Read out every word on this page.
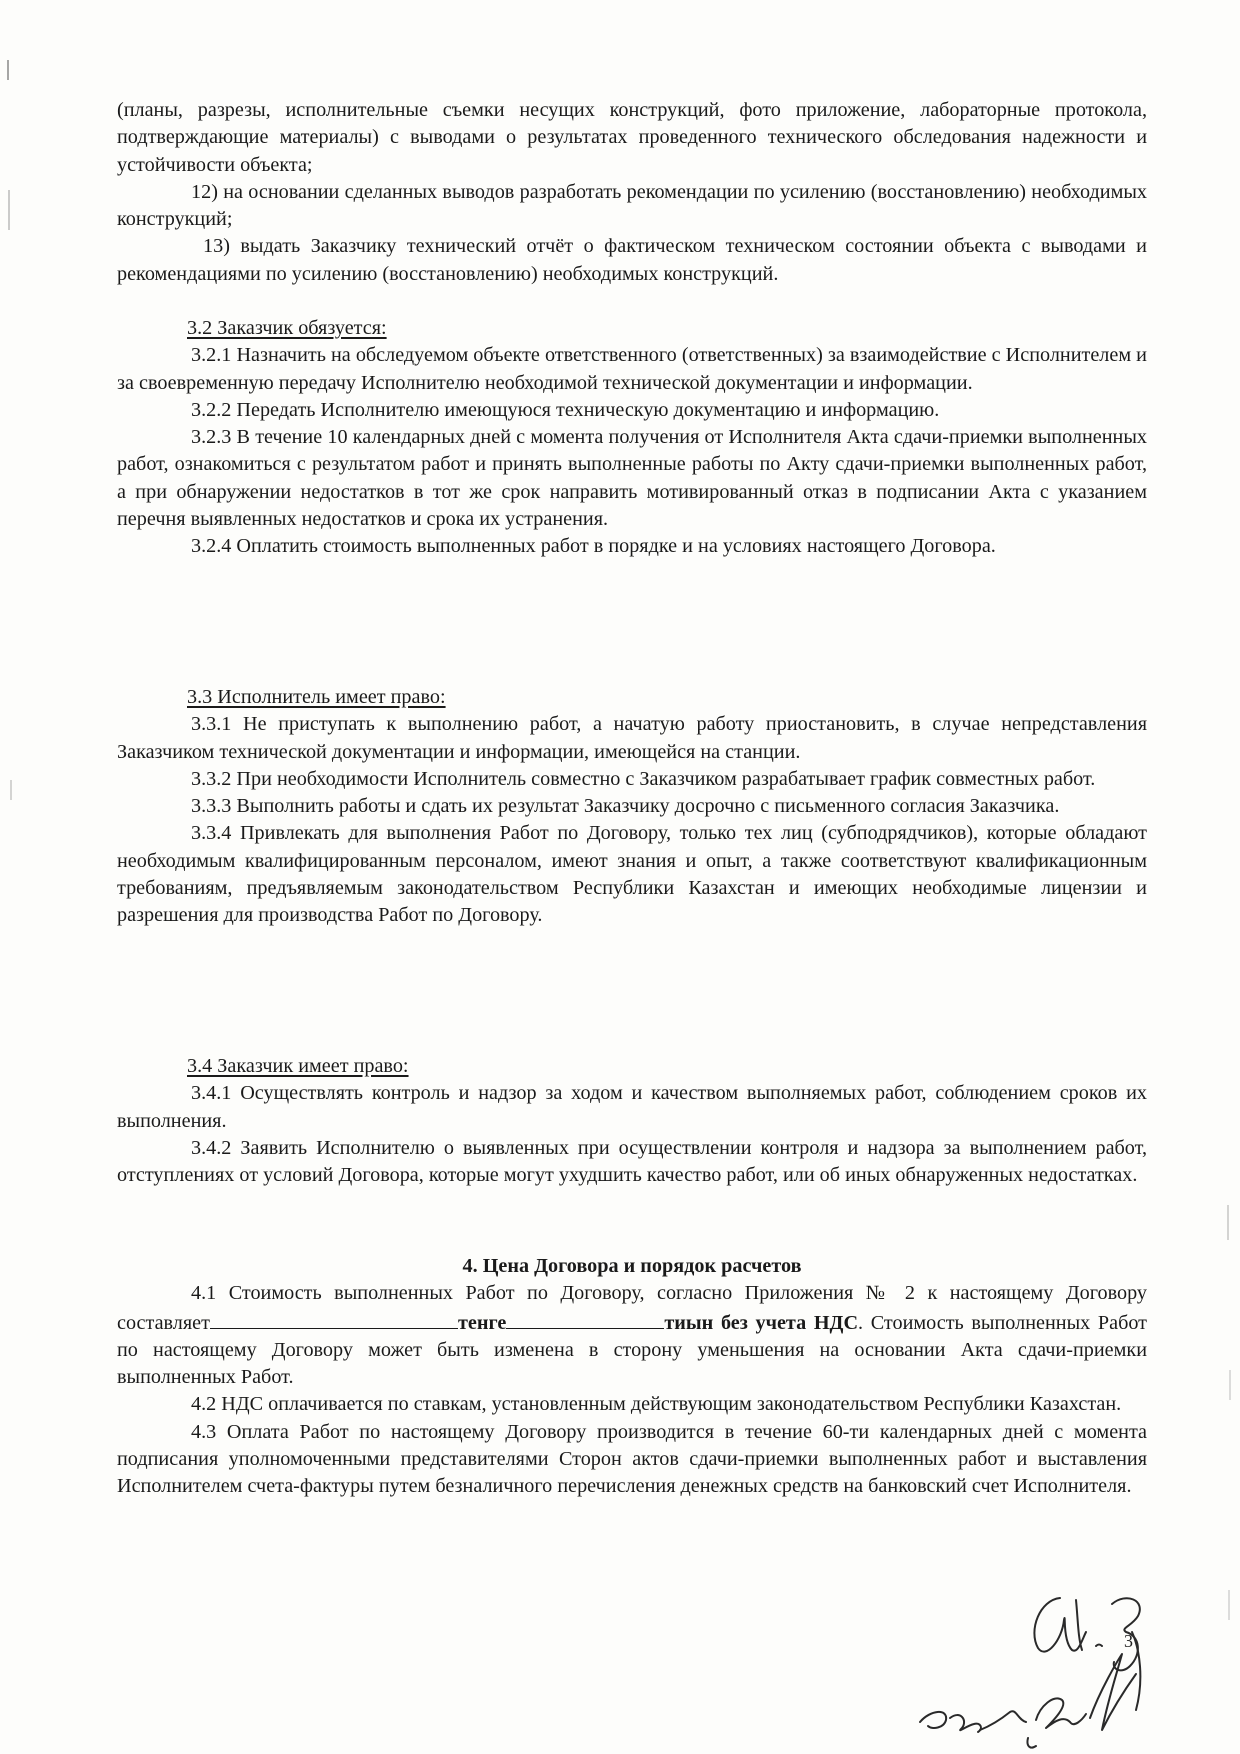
(планы, разрезы, исполнительные съемки несущих конструкций, фото приложение, лабораторные протокола, подтверждающие материалы) с выводами о результатах проведенного технического обследования надежности и устойчивости объекта;

12) на основании сделанных выводов разработать рекомендации по усилению (восстановлению) необходимых конструкций;

13) выдать Заказчику технический отчёт о фактическом техническом состоянии объекта с выводами и рекомендациями по усилению (восстановлению) необходимых конструкций.

3.2 Заказчик обязуется:

3.2.1 Назначить на обследуемом объекте ответственного (ответственных) за взаимодействие с Исполнителем и за своевременную передачу Исполнителю необходимой технической документации и информации.

3.2.2 Передать Исполнителю имеющуюся техническую документацию и информацию.

3.2.3 В течение 10 календарных дней с момента получения от Исполнителя Акта сдачи-приемки выполненных работ, ознакомиться с результатом работ и принять выполненные работы по Акту сдачи-приемки выполненных работ, а при обнаружении недостатков в тот же срок направить мотивированный отказ в подписании Акта с указанием перечня выявленных недостатков и срока их устранения.

3.2.4 Оплатить стоимость выполненных работ в порядке и на условиях настоящего Договора.

3.3 Исполнитель имеет право:

3.3.1 Не приступать к выполнению работ, а начатую работу приостановить, в случае непредставления Заказчиком технической документации и информации, имеющейся на станции.

3.3.2 При необходимости Исполнитель совместно с Заказчиком разрабатывает график совместных работ.

3.3.3 Выполнить работы и сдать их результат Заказчику досрочно с письменного согласия Заказчика.

3.3.4 Привлекать для выполнения Работ по Договору, только тех лиц (субподрядчиков), которые обладают необходимым квалифицированным персоналом, имеют знания и опыт, а также соответствуют квалификационным требованиям, предъявляемым законодательством Республики Казахстан и имеющих необходимые лицензии и разрешения для производства Работ по Договору.

3.4 Заказчик имеет право:

3.4.1 Осуществлять контроль и надзор за ходом и качеством выполняемых работ, соблюдением сроков их выполнения.

3.4.2 Заявить Исполнителю о выявленных при осуществлении контроля и надзора за выполнением работ, отступлениях от условий Договора, которые могут ухудшить качество работ, или об иных обнаруженных недостатках.

4. Цена Договора и порядок расчетов

4.1 Стоимость выполненных Работ по Договору, согласно Приложения № 2 к настоящему Договору составляет	тенге	тиын без учета НДС. Стоимость выполненных Работ по настоящему Договору может быть изменена в сторону уменьшения на основании Акта сдачи-приемки выполненных Работ.

4.2 НДС оплачивается по ставкам, установленным действующим законодательством Республики Казахстан.

4.3 Оплата Работ по настоящему Договору производится в течение 60-ти календарных дней с момента подписания уполномоченными представителями Сторон актов сдачи-приемки выполненных работ и выставления Исполнителем счета-фактуры путем безналичного перечисления денежных средств на банковский счет Исполнителя.

3
